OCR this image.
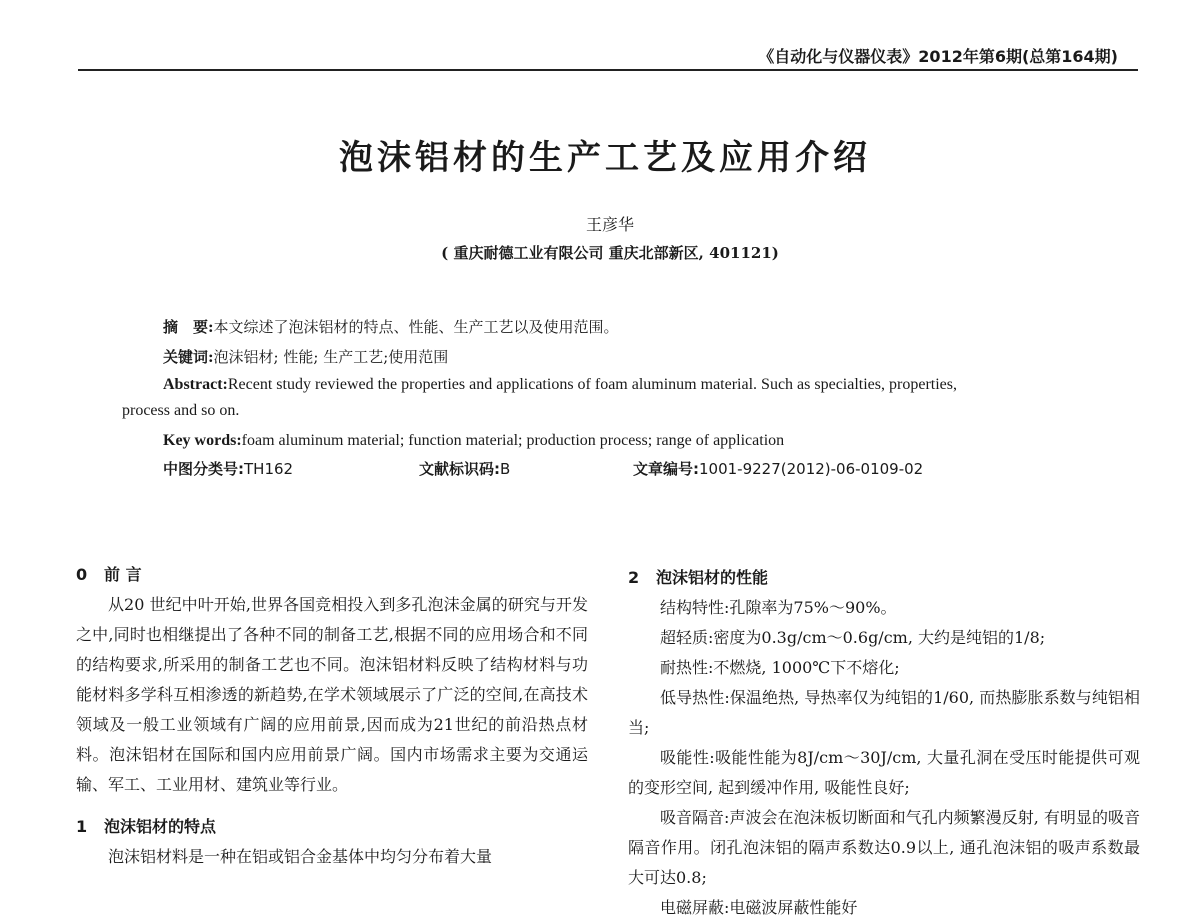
《自动化与仪器仪表》2012年第6期(总第164期)
泡沫铝材的生产工艺及应用介绍
王彦华
( 重庆耐德工业有限公司 重庆北部新区, 401121)
摘　要:本文综述了泡沫铝材的特点、性能、生产工艺以及使用范围。
关键词:泡沫铝材; 性能; 生产工艺;使用范围
Abstract:Recent study reviewed the properties and applications of foam aluminum material. Such as specialties, properties,
process and so on.
Key words:foam aluminum material; function material; production process; range of application
中图分类号:TH162	文献标识码:B	文章编号:1001-9227(2012)-06-0109-02
0 前 言

从20 世纪中叶开始,世界各国竞相投入到多孔泡沫金属的研究与开发之中,同时也相继提出了各种不同的制备工艺,根据不同的应用场合和不同的结构要求,所采用的制备工艺也不同。泡沫铝材料反映了结构材料与功能材料多学科互相渗透的新趋势,在学术领域展示了广泛的空间,在高技术领域及一般工业领域有广阔的应用前景,因而成为21世纪的前沿热点材料。泡沫铝材在国际和国内应用前景广阔。国内市场需求主要为交通运输、军工、工业用材、建筑业等行业。

1 泡沫铝材的特点

泡沫铝材料是一种在铝或铝合金基体中均匀分布着大量

2 泡沫铝材的性能

结构特性:孔隙率为75%～90%。

超轻质:密度为0.3g/cm～0.6g/cm, 大约是纯铝的1/8;

耐热性:不燃烧, 1000℃下不熔化;

低导热性:保温绝热, 导热率仅为纯铝的1/60, 而热膨胀系数与纯铝相当;

吸能性:吸能性能为8J/cm～30J/cm, 大量孔洞在受压时能提供可观的变形空间, 起到缓冲作用, 吸能性良好;

吸音隔音:声波会在泡沫板切断面和气孔内频繁漫反射, 有明显的吸音隔音作用。闭孔泡沫铝的隔声系数达0.9以上, 通孔泡沫铝的吸声系数最大可达0.8;

电磁屏蔽:电磁波屏蔽性能好
